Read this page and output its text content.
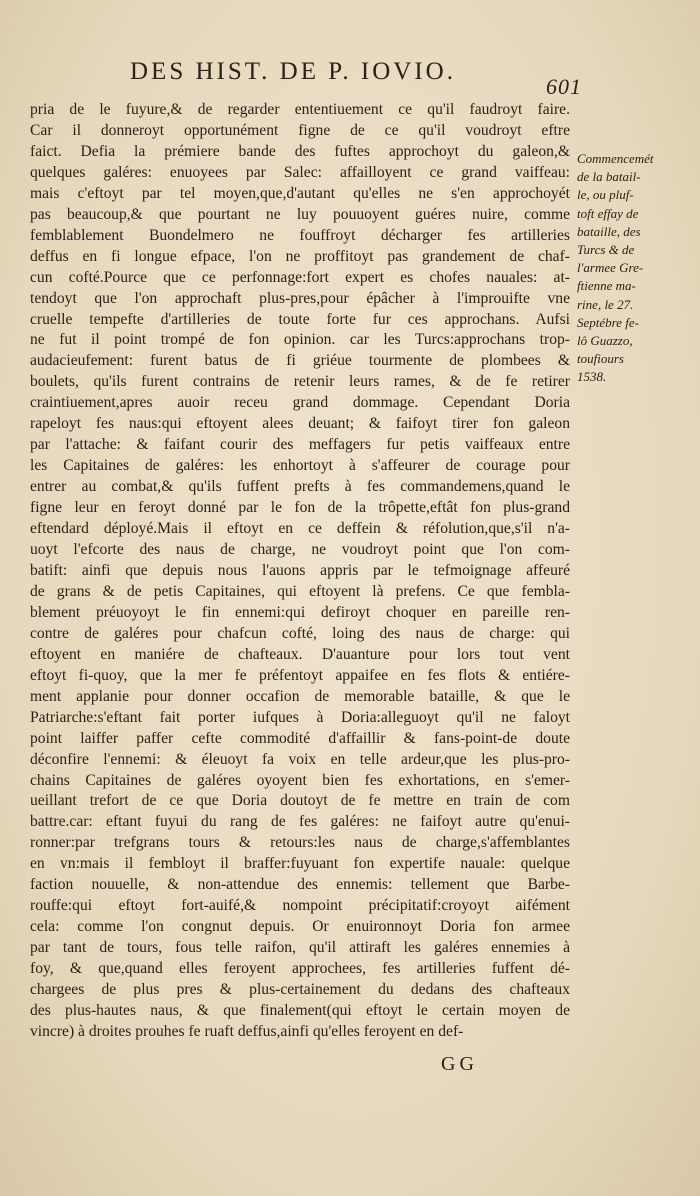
DES HIST. DE P. IOVIO.
601
pria de le fuyure,& de regarder ententiuement ce qu'il faudroyt faire.
Car il donneroyt opportunément figne de ce qu'il voudroyt eftre
faict. Defia la prémiere bande des fuftes approchoyt du galeon,&
quelques galéres: enuoyees par Salec: affailloyent ce grand vaiffeau:
mais c'eftoyt par tel moyen,que,d'autant qu'elles ne s'en approchoyét
pas beaucoup,& que pourtant ne luy pouuoyent guéres nuire, comme
femblablement Buondelmero ne fouffroyt décharger fes artilleries
deffus en fi longue efpace, l'on ne proffitoyt pas grandement de chaf-
cun cofté.Pource que ce perfonnage:fort expert es chofes nauales: at-
tendoyt que l'on approchaft plus-pres,pour épâcher à l'improuifte vne
cruelle tempefte d'artilleries de toute forte fur ces approchans. Aufsi
ne fut il point trompé de fon opinion. car les Turcs:approchans trop-
audacieufement: furent batus de fi griéue tourmente de plombees &
boulets, qu'ils furent contrains de retenir leurs rames, & de fe retirer
craintiuement,apres auoir receu grand dommage. Cependant Doria
rapeloyt fes naus:qui eftoyent alees deuant; & faifoyt tirer fon galeon
par l'attache: & faifant courir des meffagers fur petis vaiffeaux entre
les Capitaines de galéres: les enhortoyt à s'affeurer de courage pour
entrer au combat,& qu'ils fuffent prefts à fes commandemens,quand le
figne leur en feroyt donné par le fon de la trôpette,eftât fon plus-grand
eftendard déployé.Mais il eftoyt en ce deffein & réfolution,que,s'il n'a-
uoyt l'efcorte des naus de charge, ne voudroyt point que l'on com-
batift: ainfi que depuis nous l'auons appris par le tefmoignage affeuré
de grans & de petis Capitaines, qui eftoyent là prefens. Ce que fembla-
blement préuoyoyt le fin ennemi:qui defiroyt choquer en pareille ren-
contre de galéres pour chafcun cofté, loing des naus de charge: qui
eftoyent en maniére de chafteaux. D'auanture pour lors tout vent
eftoyt fi-quoy, que la mer fe préfentoyt appaifee en fes flots & entiére-
ment applanie pour donner occafion de memorable bataille, & que le
Patriarche:s'eftant fait porter iufques à Doria:alleguoyt qu'il ne faloyt
point laiffer paffer cefte commodité d'affaillir & fans-point-de doute
déconfire l'ennemi: & éleuoyt fa voix en telle ardeur,que les plus-pro-
chains Capitaines de galéres oyoyent bien fes exhortations, en s'emer-
ueillant trefort de ce que Doria doutoyt de fe mettre en train de com
battre.car: eftant fuyui du rang de fes galéres: ne faifoyt autre qu'enui-
ronner:par trefgrans tours & retours:les naus de charge,s'affemblantes
en vn:mais il fembloyt il braffer:fuyuant fon expertife nauale: quelque
faction nouuelle, & non-attendue des ennemis: tellement que Barbe-
rouffe:qui eftoyt fort-auifé,& nompoint précipitatif:croyoyt aifément
cela: comme l'on congnut depuis. Or enuironnoyt Doria fon armee
par tant de tours, fous telle raifon, qu'il attiraft les galéres ennemies à
foy, & que,quand elles feroyent approchees, fes artilleries fuffent dé-
chargees de plus pres & plus-certainement du dedans des chafteaux
des plus-hautes naus, & que finalement(qui eftoyt le certain moyen de
vincre) à droites prouhes fe ruaft deffus,ainfi qu'elles feroyent en def-
Commencemét
de la batail-
le, ou pluf-
toft effay de
bataille, des
Turcs & de
l'armee Gre-
ftienne ma-
rine, le 27.
Septébre fe-
lô Guazzo,
toufiours
1538.
GG
